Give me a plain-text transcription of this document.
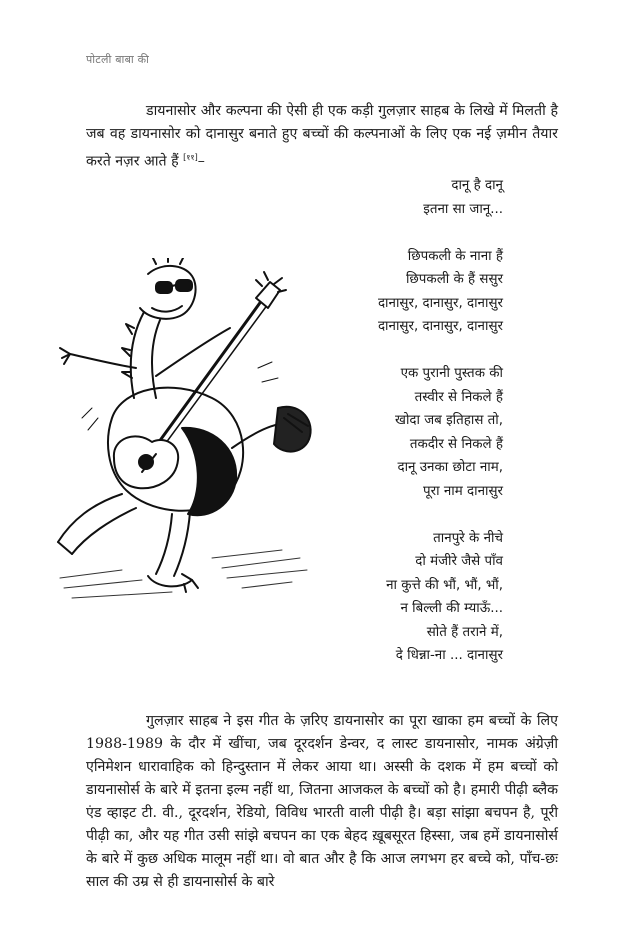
पोटली बाबा की

डायनासोर और कल्पना की ऐसी ही एक कड़ी गुलज़ार साहब के लिखे में मिलती है जब वह डायनासोर को दानासुर बनाते हुए बच्चों की कल्पनाओं के लिए एक नई ज़मीन तैयार करते नज़र आते हैं [११]–

दानू है दानू
इतना सा जानू...
छिपकली के नाना हैं
छिपकली के हैं ससुर
दानासुर, दानासुर, दानासुर
दानासुर, दानासुर, दानासुर
एक पुरानी पुस्तक की
तस्वीर से निकले हैं
खोदा जब इतिहास तो,
तकदीर से निकले हैं
दानू उनका छोटा नाम,
पूरा नाम दानासुर
तानपुरे के नीचे
दो मंजीरे जैसे पाँव
ना कुत्ते की भौं, भौं, भौं,
न बिल्ली की म्याऊँ...
सोते हैं तराने में,
दे धिन्ना-ना ... दानासुर

गुलज़ार साहब ने इस गीत के ज़रिए डायनासोर का पूरा खाका हम बच्चों के लिए 1988-1989 के दौर में खींचा, जब दूरदर्शन डेन्वर, द लास्ट डायनासोर, नामक अंग्रेज़ी एनिमेशन धारावाहिक को हिन्दुस्तान में लेकर आया था। अस्सी के दशक में हम बच्चों को डायनासोर्स के बारे में इतना इल्म नहीं था, जितना आजकल के बच्चों को है। हमारी पीढ़ी ब्लैक एंड व्हाइट टी. वी., दूरदर्शन, रेडियो, विविध भारती वाली पीढ़ी है। बड़ा सांझा बचपन है, पूरी पीढ़ी का, और यह गीत उसी सांझे बचपन का एक बेहद ख़ूबसूरत हिस्सा, जब हमें डायनासोर्स के बारे में कुछ अधिक मालूम नहीं था। वो बात और है कि आज लगभग हर बच्चे को, पाँच-छः साल की उम्र से ही डायनासोर्स के बारे
